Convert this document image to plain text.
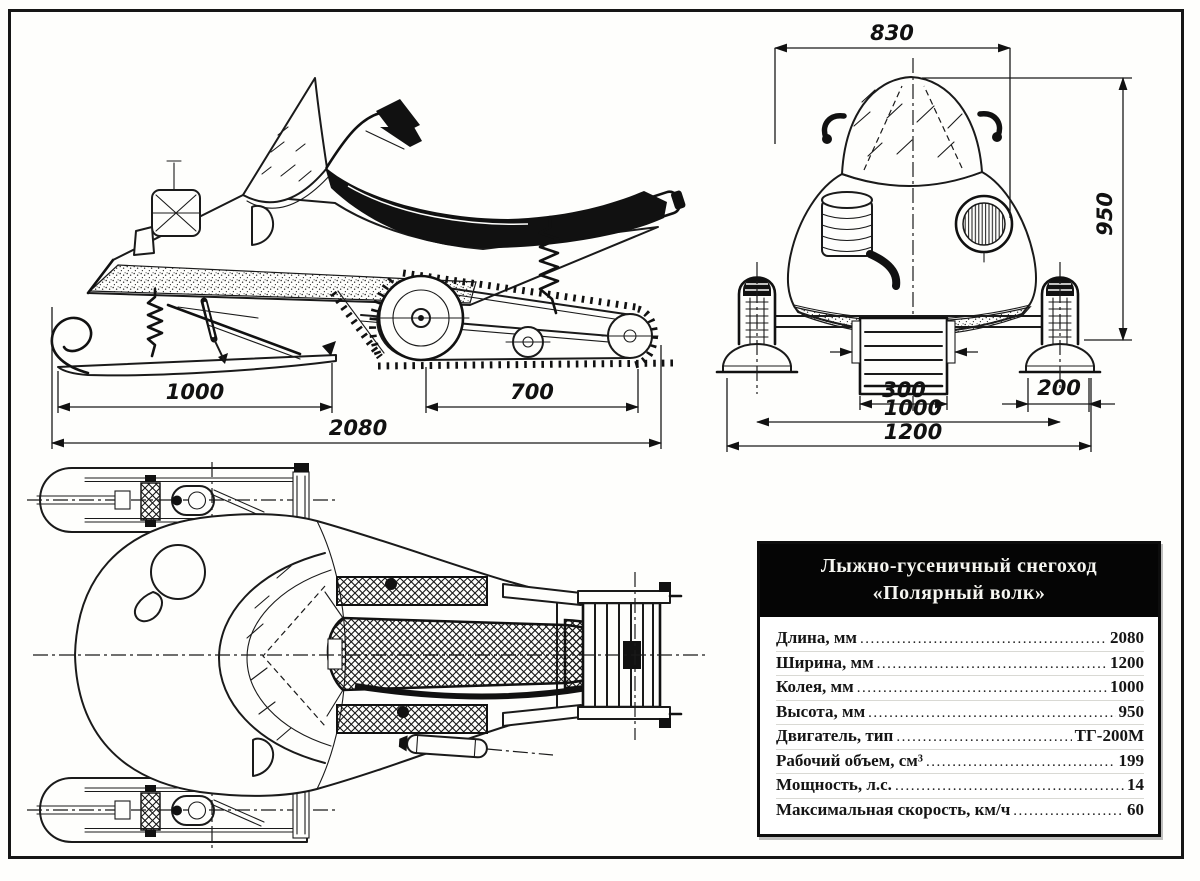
1000	700
2080
830
950
300	200
1000
1200
Лыжно-гусеничный снегоход
«Полярный волк»
Длина, мм .....	2080
Ширина, мм .....	1200
Колея, мм .....	1000
Высота, мм .....	950
Двигатель, тип .....	ТГ-200М
Рабочий объем, см³ .....	199
Мощность, л.с. .....	14
Максимальная скорость, км/ч .....	60
